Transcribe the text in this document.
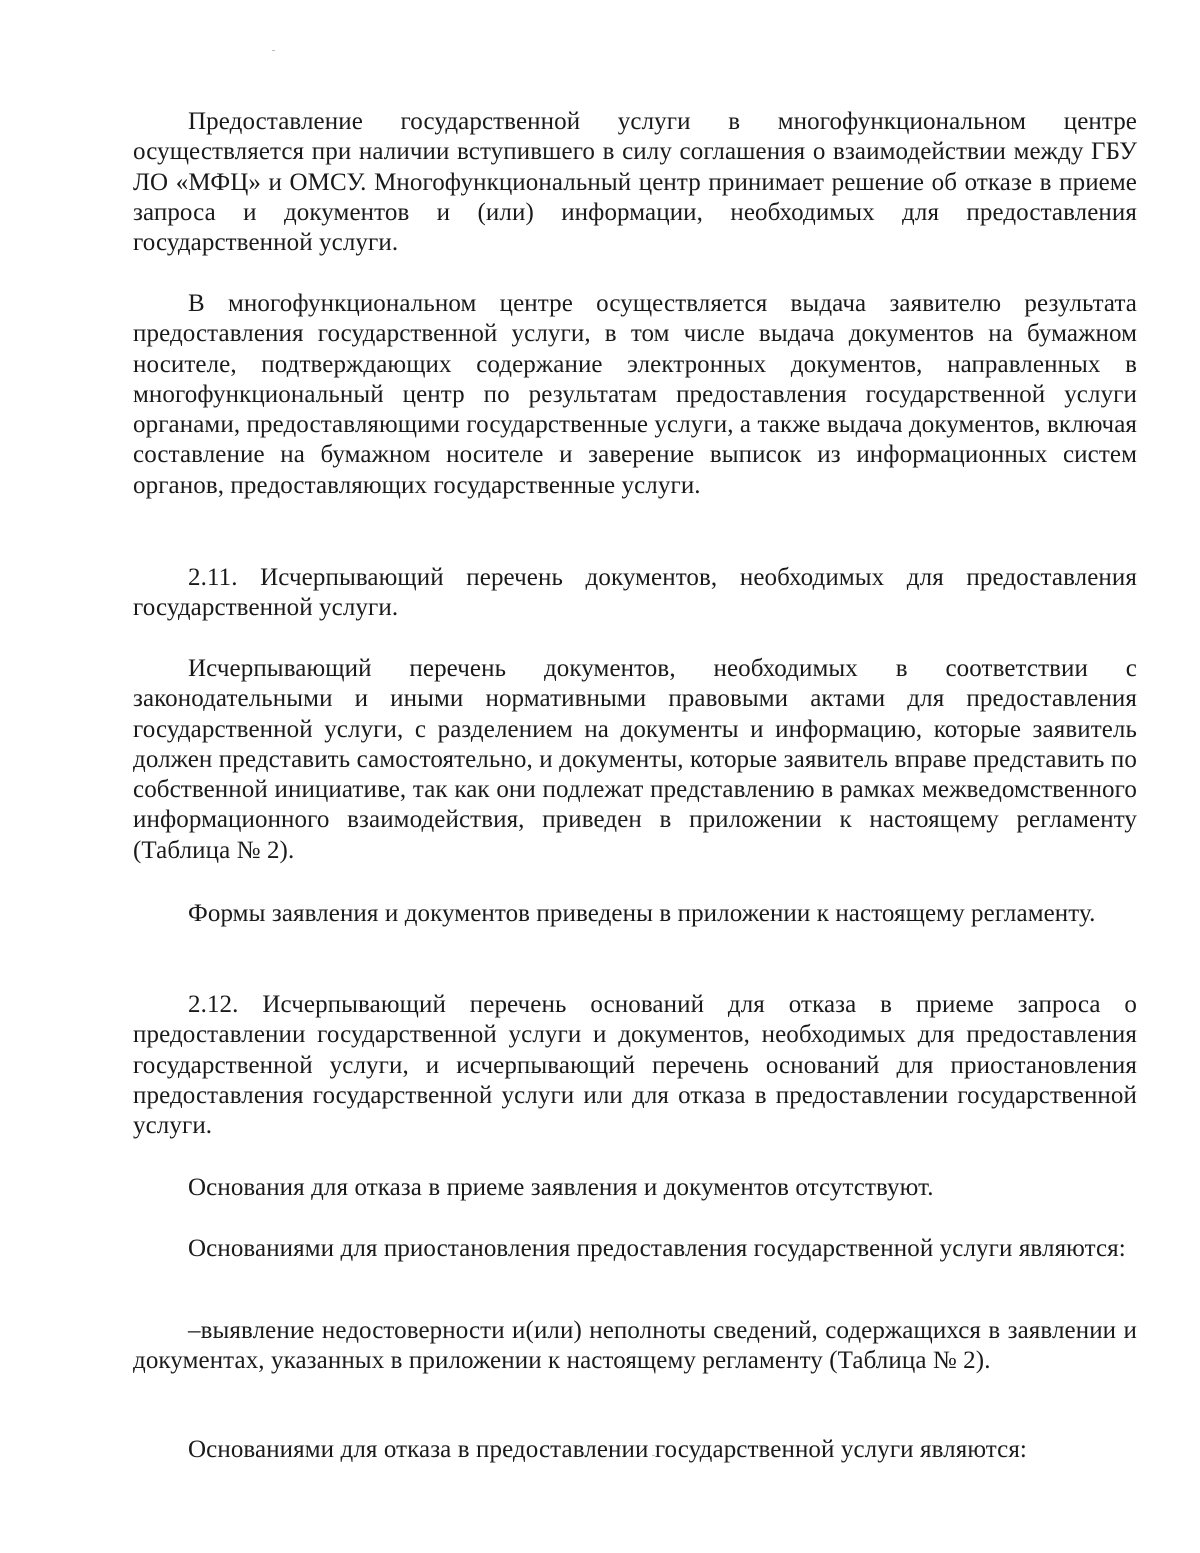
Предоставление государственной услуги в многофункциональном центре осуществляется при наличии вступившего в силу соглашения о взаимодействии между ГБУ ЛО «МФЦ» и ОМСУ. Многофункциональный центр принимает решение об отказе в приеме запроса и документов и (или) информации, необходимых для предоставления государственной услуги.

В многофункциональном центре осуществляется выдача заявителю результата предоставления государственной услуги, в том числе выдача документов на бумажном носителе, подтверждающих содержание электронных документов, направленных в многофункциональный центр по результатам предоставления государственной услуги органами, предоставляющими государственные услуги, а также выдача документов, включая составление на бумажном носителе и заверение выписок из информационных систем органов, предоставляющих государственные услуги.

2.11. Исчерпывающий перечень документов, необходимых для предоставления государственной услуги.

Исчерпывающий перечень документов, необходимых в соответствии с законодательными и иными нормативными правовыми актами для предоставления государственной услуги, с разделением на документы и информацию, которые заявитель должен представить самостоятельно, и документы, которые заявитель вправе представить по собственной инициативе, так как они подлежат представлению в рамках межведомственного информационного взаимодействия, приведен в приложении к настоящему регламенту (Таблица № 2).

Формы заявления и документов приведены в приложении к настоящему регламенту.

2.12. Исчерпывающий перечень оснований для отказа в приеме запроса о предоставлении государственной услуги и документов, необходимых для предоставления государственной услуги, и исчерпывающий перечень оснований для приостановления предоставления государственной услуги или для отказа в предоставлении государственной услуги.

Основания для отказа в приеме заявления и документов отсутствуют.

Основаниями для приостановления предоставления государственной услуги являются:

–выявление недостоверности и(или) неполноты сведений, содержащихся в заявлении и документах, указанных в приложении к настоящему регламенту (Таблица № 2).

Основаниями для отказа в предоставлении государственной услуги являются:
